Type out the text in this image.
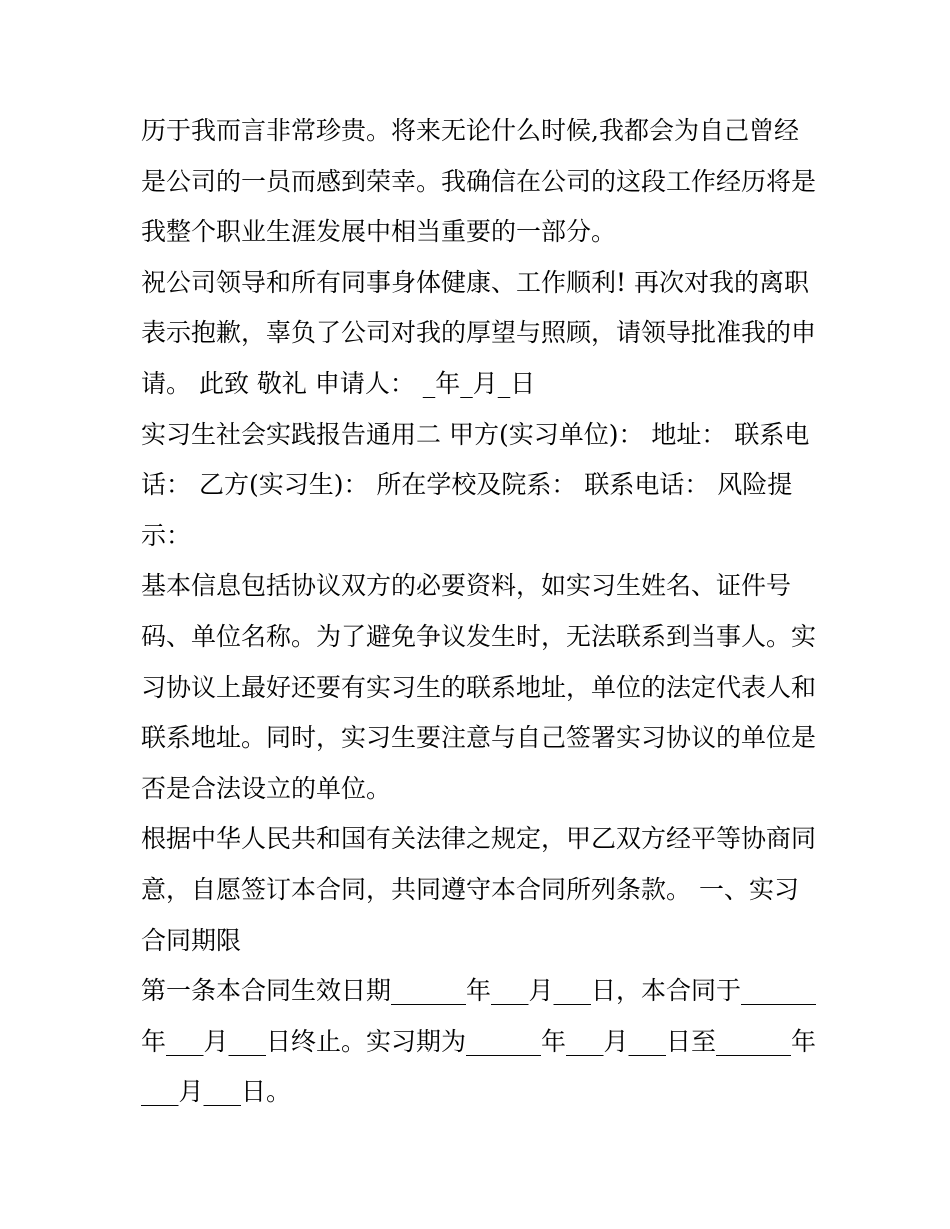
历于我而言非常珍贵。将来无论什么时候,我都会为自己曾经是公司的一员而感到荣幸。我确信在公司的这段工作经历将是我整个职业生涯发展中相当重要的一部分。

祝公司领导和所有同事身体健康、工作顺利! 再次对我的离职表示抱歉，辜负了公司对我的厚望与照顾，请领导批准我的申请。 此致 敬礼 申请人： _年_月_日

实习生社会实践报告通用二 甲方(实习单位)： 地址： 联系电话： 乙方(实习生)： 所在学校及院系： 联系电话： 风险提示：

基本信息包括协议双方的必要资料，如实习生姓名、证件号码、单位名称。为了避免争议发生时，无法联系到当事人。实习协议上最好还要有实习生的联系地址，单位的法定代表人和联系地址。同时，实习生要注意与自己签署实习协议的单位是否是合法设立的单位。

根据中华人民共和国有关法律之规定，甲乙双方经平等协商同意，自愿签订本合同，共同遵守本合同所列条款。 一、实习合同期限

第一条本合同生效日期______年___月___日，本合同于______年___月___日终止。实习期为______年___月___日至______年___月___日。
